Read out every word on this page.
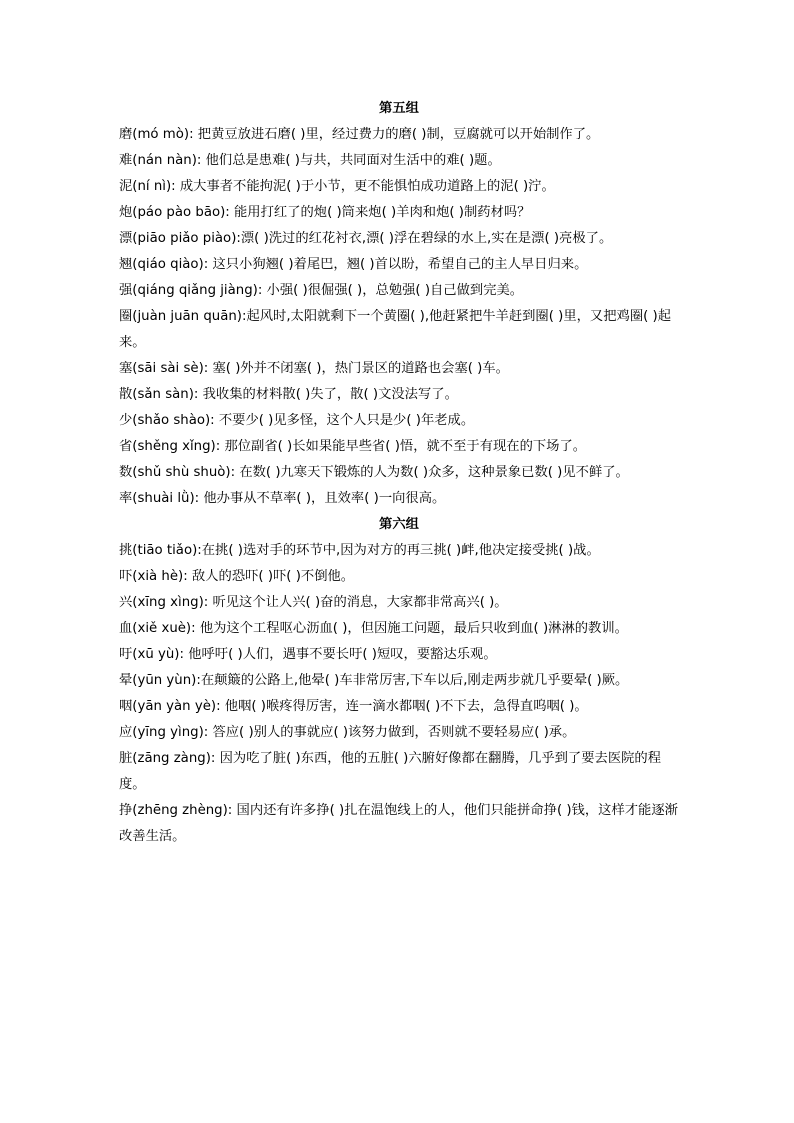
第五组

磨(mó mò): 把黄豆放进石磨( )里，经过费力的磨( )制，豆腐就可以开始制作了。

难(nán nàn): 他们总是患难( )与共，共同面对生活中的难( )题。

泥(ní nì): 成大事者不能拘泥( )于小节，更不能惧怕成功道路上的泥( )泞。

炮(páo pào bāo): 能用打红了的炮( )筒来炮( )羊肉和炮( )制药材吗？

漂(piāo piǎo piào):漂( )洗过的红花衬衣,漂( )浮在碧绿的水上,实在是漂( )亮极了。

翘(qiáo qiào): 这只小狗翘( )着尾巴，翘( )首以盼，希望自己的主人早日归来。

强(qiáng qiǎng jiàng): 小强( )很倔强( )，总勉强( )自己做到完美。

圈(juàn juān quān):起风时,太阳就剩下一个黄圈( ),他赶紧把牛羊赶到圈( )里，又把鸡圈( )起来。

塞(sāi sài sè): 塞( )外并不闭塞( )，热门景区的道路也会塞( )车。

散(sǎn sàn): 我收集的材料散( )失了，散( )文没法写了。

少(shǎo shào): 不要少( )见多怪，这个人只是少( )年老成。

省(shěng xǐng): 那位副省( )长如果能早些省( )悟，就不至于有现在的下场了。

数(shǔ shù shuò): 在数( )九寒天下锻炼的人为数( )众多，这种景象已数( )见不鲜了。

率(shuài lǜ): 他办事从不草率( )，且效率( )一向很高。

第六组

挑(tiāo tiǎo):在挑( )选对手的环节中,因为对方的再三挑( )衅,他决定接受挑( )战。

吓(xià hè): 敌人的恐吓( )吓( )不倒他。

兴(xīng xìng): 听见这个让人兴( )奋的消息，大家都非常高兴( )。

血(xiě xuè): 他为这个工程呕心沥血( )，但因施工问题，最后只收到血( )淋淋的教训。

吁(xū yù): 他呼吁( )人们，遇事不要长吁( )短叹，要豁达乐观。

晕(yūn yùn):在颠簸的公路上,他晕( )车非常厉害,下车以后,刚走两步就几乎要晕( )厥。

咽(yān yàn yè): 他咽( )喉疼得厉害，连一滴水都咽( )不下去，急得直呜咽( )。

应(yīng yìng): 答应( )别人的事就应( )该努力做到，否则就不要轻易应( )承。

脏(zāng zàng): 因为吃了脏( )东西，他的五脏( )六腑好像都在翻腾，几乎到了要去医院的程度。

挣(zhēng zhèng): 国内还有许多挣( )扎在温饱线上的人，他们只能拼命挣( )钱，这样才能逐渐改善生活。
